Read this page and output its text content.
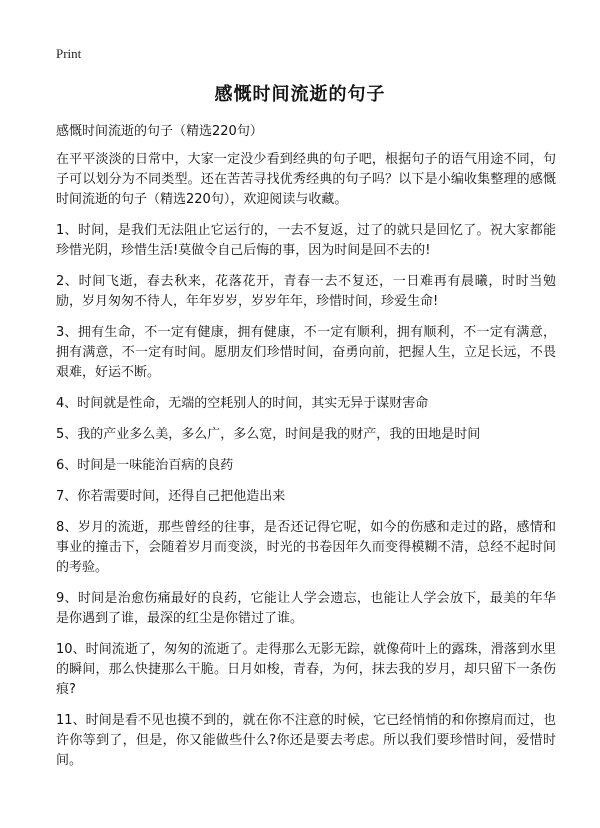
Print
感慨时间流逝的句子

感慨时间流逝的句子（精选220句）

在平平淡淡的日常中，大家一定没少看到经典的句子吧，根据句子的语气用途不同，句子可以划分为不同类型。还在苦苦寻找优秀经典的句子吗？以下是小编收集整理的感慨时间流逝的句子（精选220句），欢迎阅读与收藏。

1、时间，是我们无法阻止它运行的，一去不复返，过了的就只是回忆了。祝大家都能珍惜光阴，珍惜生活!莫做令自己后悔的事，因为时间是回不去的!

2、时间飞逝，春去秋来，花落花开，青春一去不复还，一日难再有晨曦，时时当勉励，岁月匆匆不待人，年年岁岁，岁岁年年，珍惜时间，珍爱生命!

3、拥有生命，不一定有健康，拥有健康，不一定有顺利，拥有顺利，不一定有满意，拥有满意，不一定有时间。愿朋友们珍惜时间，奋勇向前，把握人生，立足长远，不畏艰难，好运不断。

4、时间就是性命，无端的空耗别人的时间，其实无异于谋财害命

5、我的产业多么美，多么广，多么宽，时间是我的财产，我的田地是时间

6、时间是一味能治百病的良药

7、你若需要时间，还得自己把他造出来

8、岁月的流逝，那些曾经的往事，是否还记得它呢，如今的伤感和走过的路，感情和事业的撞击下，会随着岁月而变淡，时光的书卷因年久而变得模糊不清，总经不起时间的考验。

9、时间是治愈伤痛最好的良药，它能让人学会遗忘，也能让人学会放下，最美的年华是你遇到了谁，最深的红尘是你错过了谁。

10、时间流逝了，匆匆的流逝了。走得那么无影无踪，就像荷叶上的露珠，滑落到水里的瞬间，那么快捷那么干脆。日月如梭，青春，为何，抹去我的岁月，却只留下一条伤痕?

11、时间是看不见也摸不到的，就在你不注意的时候，它已经悄悄的和你擦肩而过，也许你等到了，但是，你又能做些什么?你还是要去考虑。所以我们要珍惜时间，爱惜时间。
